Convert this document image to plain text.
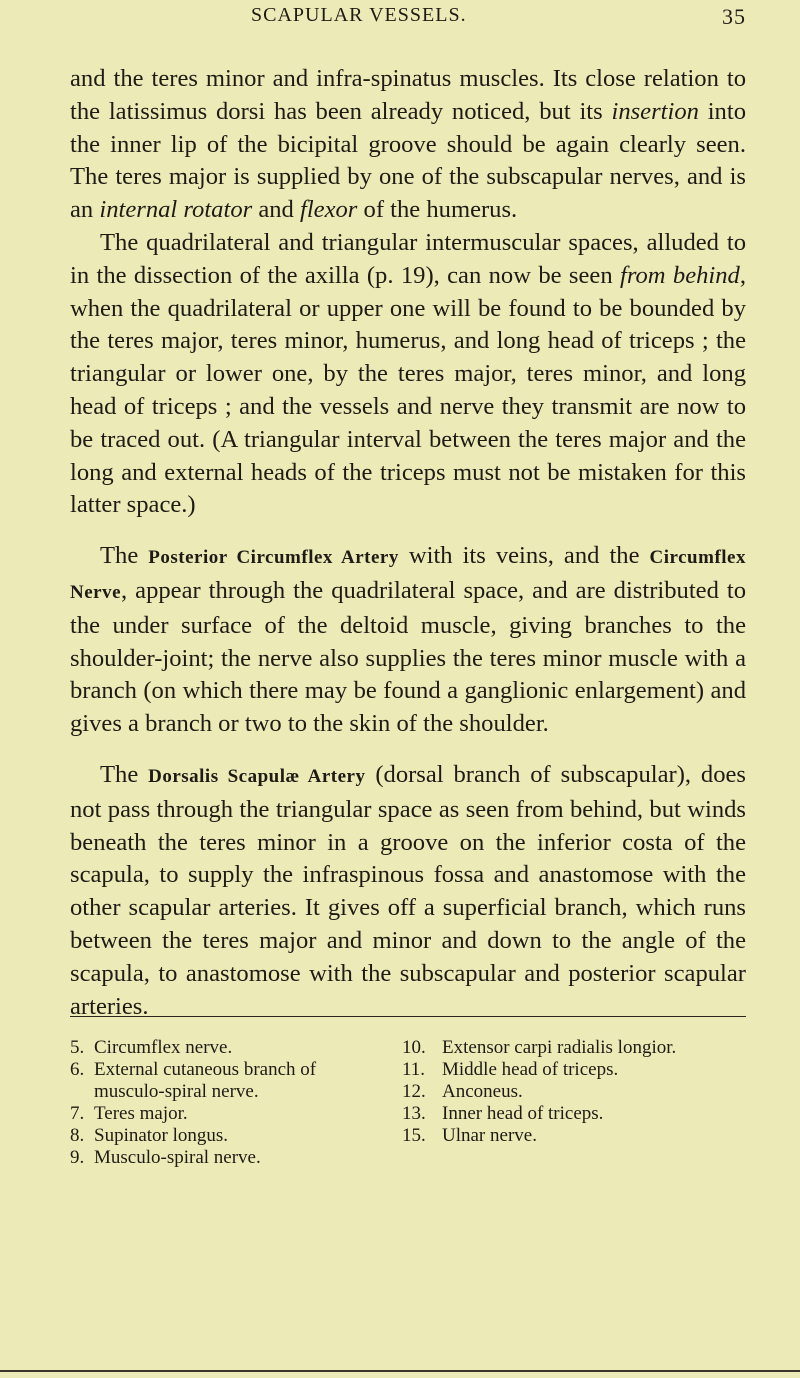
SCAPULAR VESSELS.	35

and the teres minor and infra-spinatus muscles. Its close relation to the latissimus dorsi has been already noticed, but its insertion into the inner lip of the bicipital groove should be again clearly seen. The teres major is supplied by one of the subscapular nerves, and is an internal rotator and flexor of the humerus.

The quadrilateral and triangular intermuscular spaces, alluded to in the dissection of the axilla (p. 19), can now be seen from behind, when the quadrilateral or upper one will be found to be bounded by the teres major, teres minor, humerus, and long head of triceps ; the triangular or lower one, by the teres major, teres minor, and long head of triceps ; and the vessels and nerve they transmit are now to be traced out. (A triangular interval between the teres major and the long and external heads of the triceps must not be mistaken for this latter space.)

The Posterior Circumflex Artery with its veins, and the Circumflex Nerve, appear through the quadrilateral space, and are distributed to the under surface of the deltoid muscle, giving branches to the shoulder-joint; the nerve also supplies the teres minor muscle with a branch (on which there may be found a ganglionic enlargement) and gives a branch or two to the skin of the shoulder.

The Dorsalis Scapulæ Artery (dorsal branch of subscapular), does not pass through the triangular space as seen from behind, but winds beneath the teres minor in a groove on the inferior costa of the scapula, to supply the infraspinous fossa and anastomose with the other scapular arteries. It gives off a superficial branch, which runs between the teres major and minor and down to the angle of the scapula, to anastomose with the subscapular and posterior scapular arteries.

5. Circumflex nerve.
6. External cutaneous branch of musculo-spiral nerve.
7. Teres major.
8. Supinator longus.
9. Musculo-spiral nerve.
10. Extensor carpi radialis longior.
11. Middle head of triceps.
12. Anconeus.
13. Inner head of triceps.
15. Ulnar nerve.
